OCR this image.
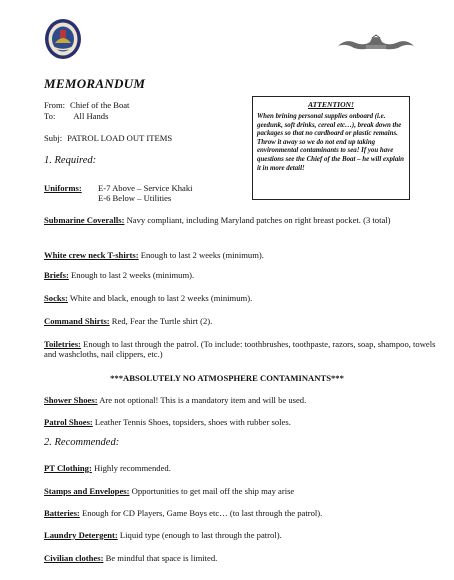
MEMORANDUM
From: Chief of the Boat
To: All Hands
Subj: PATROL LOAD OUT ITEMS
ATTENTION!
When brining personal supplies onboard (i.e. geedunk, soft drinks, cereal etc…), break down the packages so that no cardboard or plastic remains. Throw it away so we do not end up taking environmental contaminants to sea! If you have questions see the Chief of the Boat – he will explain it in more detail!
1. Required:
Uniforms: E-7 Above – Service Khaki
E-6 Below – Utilities
Submarine Coveralls: Navy compliant, including Maryland patches on right breast pocket. (3 total)
White crew neck T-shirts: Enough to last 2 weeks (minimum).
Briefs: Enough to last 2 weeks (minimum).
Socks: White and black, enough to last 2 weeks (minimum).
Command Shirts: Red, Fear the Turtle shirt (2).
Toiletries: Enough to last through the patrol. (To include: toothbrushes, toothpaste, razors, soap, shampoo, towels and washcloths, nail clippers, etc.)
***ABSOLUTELY NO ATMOSPHERE CONTAMINANTS***
Shower Shoes: Are not optional! This is a mandatory item and will be used.
Patrol Shoes: Leather Tennis Shoes, topsiders, shoes with rubber soles.
2. Recommended:
PT Clothing: Highly recommended.
Stamps and Envelopes: Opportunities to get mail off the ship may arise
Batteries: Enough for CD Players, Game Boys etc… (to last through the patrol).
Laundry Detergent: Liquid type (enough to last through the patrol).
Civilian clothes: Be mindful that space is limited.
